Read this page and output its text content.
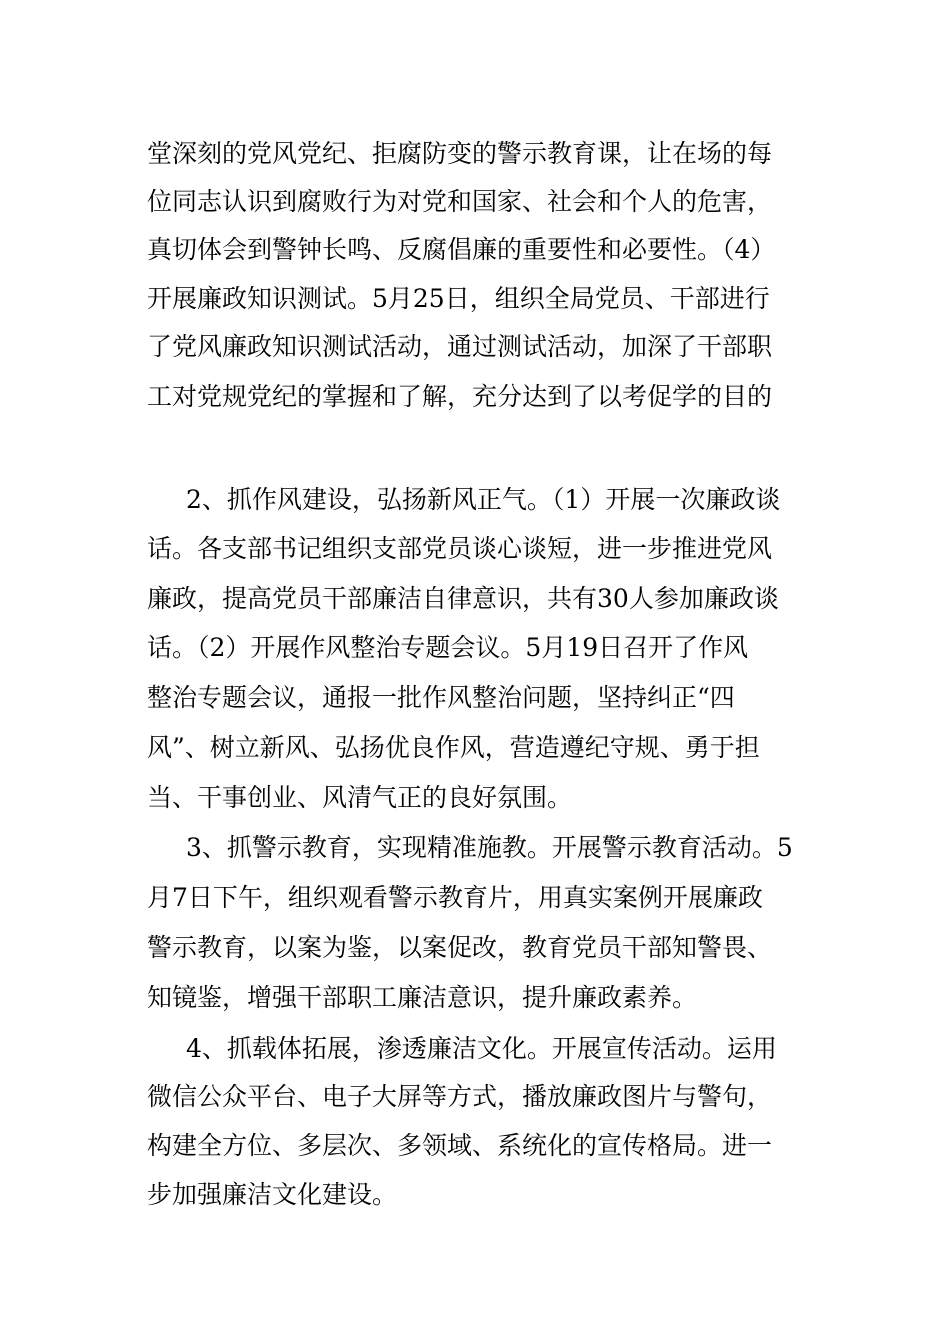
堂深刻的党风党纪、拒腐防变的警示教育课，让在场的每
位同志认识到腐败行为对党和国家、社会和个人的危害，
真切体会到警钟长鸣、反腐倡廉的重要性和必要性。（4）
开展廉政知识测试。5月25日，组织全局党员、干部进行
了党风廉政知识测试活动，通过测试活动，加深了干部职
工对党规党纪的掌握和了解，充分达到了以考促学的目的
2、抓作风建设，弘扬新风正气。（1）开展一次廉政谈
话。各支部书记组织支部党员谈心谈短，进一步推进党风
廉政，提高党员干部廉洁自律意识，共有30人参加廉政谈
话。（2）开展作风整治专题会议。5月19日召开了作风
整治专题会议，通报一批作风整治问题，坚持纠正“四
风”、树立新风、弘扬优良作风，营造遵纪守规、勇于担
当、干事创业、风清气正的良好氛围。
3、抓警示教育，实现精准施教。开展警示教育活动。5
月7日下午，组织观看警示教育片，用真实案例开展廉政
警示教育，以案为鉴，以案促改，教育党员干部知警畏、
知镜鉴，增强干部职工廉洁意识，提升廉政素养。
4、抓载体拓展，渗透廉洁文化。开展宣传活动。运用
微信公众平台、电子大屏等方式，播放廉政图片与警句，
构建全方位、多层次、多领域、系统化的宣传格局。进一
步加强廉洁文化建设。
